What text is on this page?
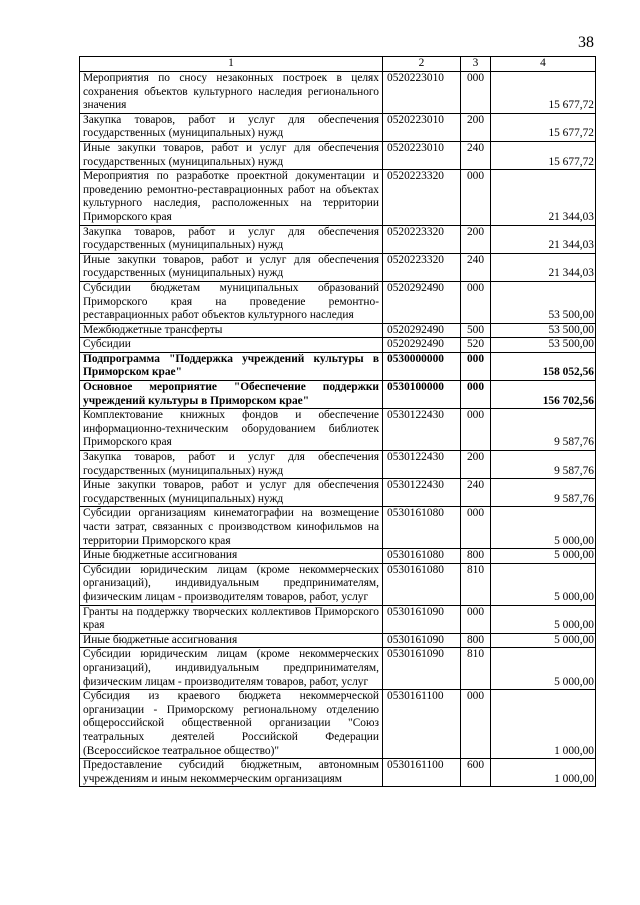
38
1	2	3	4
Мероприятия по сносу незаконных построек в целях сохранения объектов культурного наследия регионального значения	0520223010	000	15 677,72
Закупка товаров, работ и услуг для обеспечения государственных (муниципальных) нужд	0520223010	200	15 677,72
Иные закупки товаров, работ и услуг для обеспечения государственных (муниципальных) нужд	0520223010	240	15 677,72
Мероприятия по разработке проектной документации и проведению ремонтно-реставрационных работ на объектах культурного наследия, расположенных на территории Приморского края	0520223320	000	21 344,03
Закупка товаров, работ и услуг для обеспечения государственных (муниципальных) нужд	0520223320	200	21 344,03
Иные закупки товаров, работ и услуг для обеспечения государственных (муниципальных) нужд	0520223320	240	21 344,03
Субсидии бюджетам муниципальных образований Приморского края на проведение ремонтно-реставрационных работ объектов культурного наследия	0520292490	000	53 500,00
Межбюджетные трансферты	0520292490	500	53 500,00
Субсидии	0520292490	520	53 500,00
Подпрограмма "Поддержка учреждений культуры в Приморском крае"	0530000000	000	158 052,56
Основное мероприятие "Обеспечение поддержки учреждений культуры в Приморском крае"	0530100000	000	156 702,56
Комплектование книжных фондов и обеспечение информационно-техническим оборудованием библиотек Приморского края	0530122430	000	9 587,76
Закупка товаров, работ и услуг для обеспечения государственных (муниципальных) нужд	0530122430	200	9 587,76
Иные закупки товаров, работ и услуг для обеспечения государственных (муниципальных) нужд	0530122430	240	9 587,76
Субсидии организациям кинематографии на возмещение части затрат, связанных с производством кинофильмов на территории Приморского края	0530161080	000	5 000,00
Иные бюджетные ассигнования	0530161080	800	5 000,00
Субсидии юридическим лицам (кроме некоммерческих организаций), индивидуальным предпринимателям, физическим лицам - производителям товаров, работ, услуг	0530161080	810	5 000,00
Гранты на поддержку творческих коллективов Приморского края	0530161090	000	5 000,00
Иные бюджетные ассигнования	0530161090	800	5 000,00
Субсидии юридическим лицам (кроме некоммерческих организаций), индивидуальным предпринимателям, физическим лицам - производителям товаров, работ, услуг	0530161090	810	5 000,00
Субсидия из краевого бюджета некоммерческой организации - Приморскому региональному отделению общероссийской общественной организации "Союз театральных деятелей Российской Федерации (Всероссийское театральное общество)"	0530161100	000	1 000,00
Предоставление субсидий бюджетным, автономным учреждениям и иным некоммерческим организациям	0530161100	600	1 000,00
